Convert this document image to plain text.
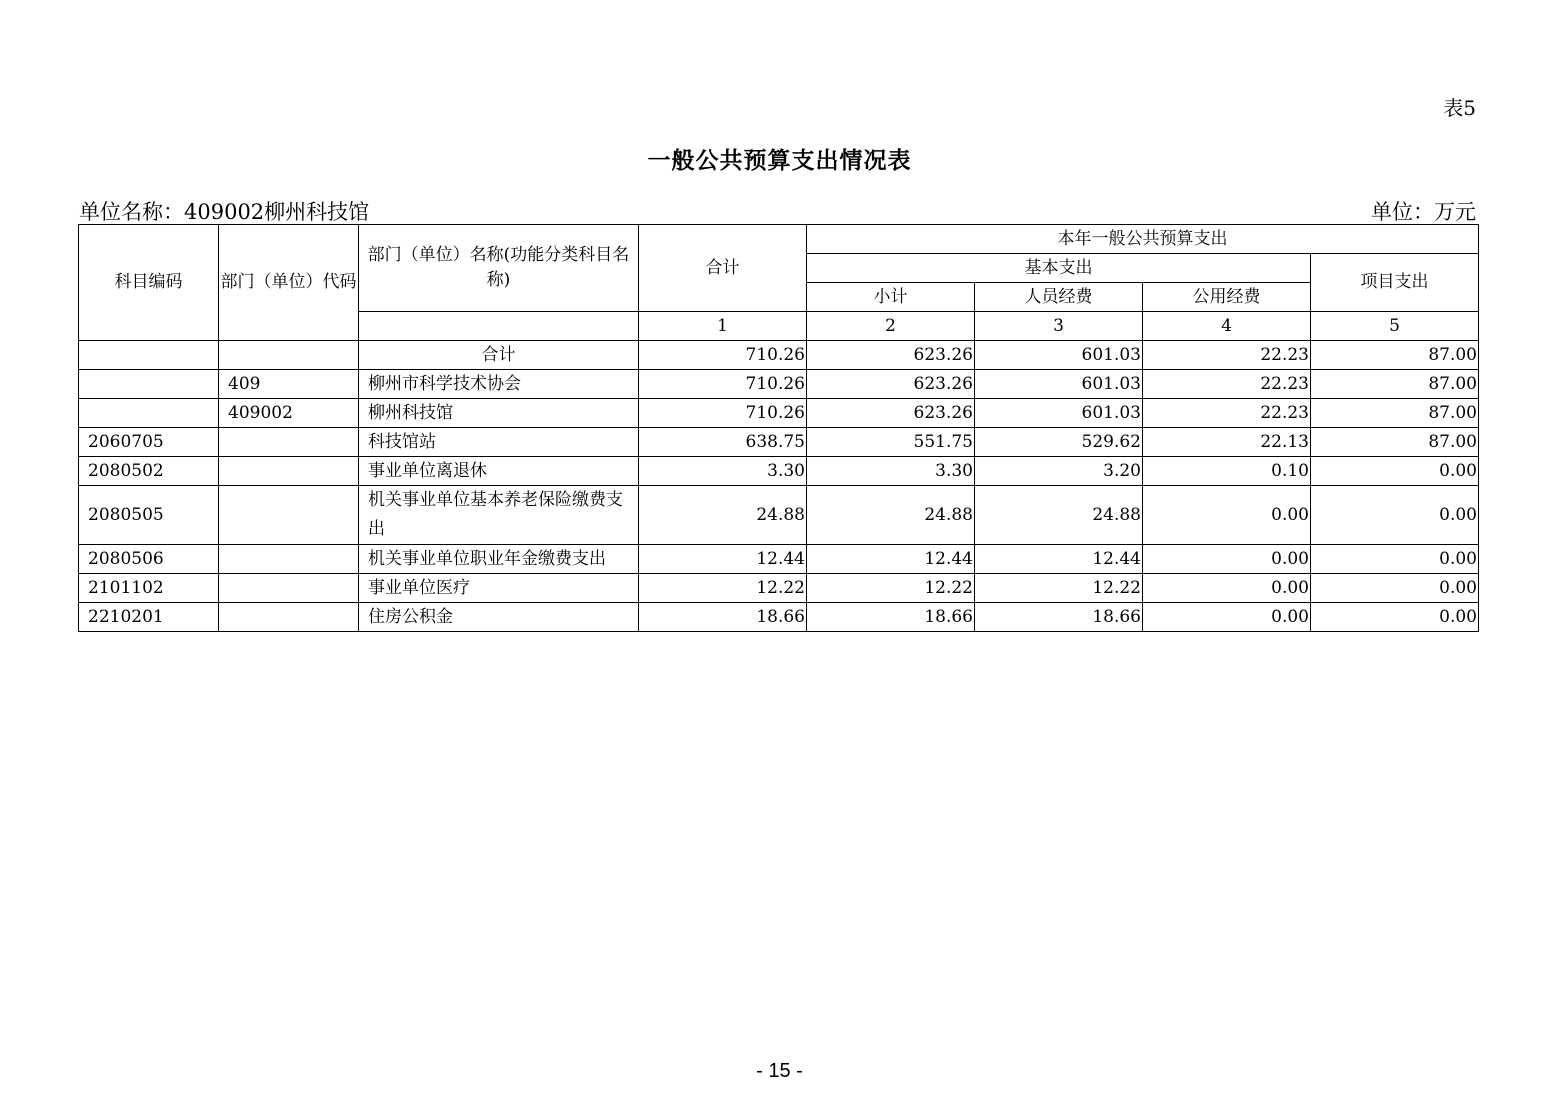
表5
一般公共预算支出情况表
单位名称：409002柳州科技馆	单位：万元
科目编码	部门（单位）代码	部门（单位）名称(功能分类科目名称)	合计	本年一般公共预算支出			
				基本支出			项目支出
				小计	人员经费	公用经费	
			1	2	3	4	5
		合计	710.26	623.26	601.03	22.23	87.00
	409	柳州市科学技术协会	710.26	623.26	601.03	22.23	87.00
	409002	柳州科技馆	710.26	623.26	601.03	22.23	87.00
2060705		科技馆站	638.75	551.75	529.62	22.13	87.00
2080502		事业单位离退休	3.30	3.30	3.20	0.10	0.00
2080505		机关事业单位基本养老保险缴费支出	24.88	24.88	24.88	0.00	0.00
2080506		机关事业单位职业年金缴费支出	12.44	12.44	12.44	0.00	0.00
2101102		事业单位医疗	12.22	12.22	12.22	0.00	0.00
2210201		住房公积金	18.66	18.66	18.66	0.00	0.00
- 15 -
